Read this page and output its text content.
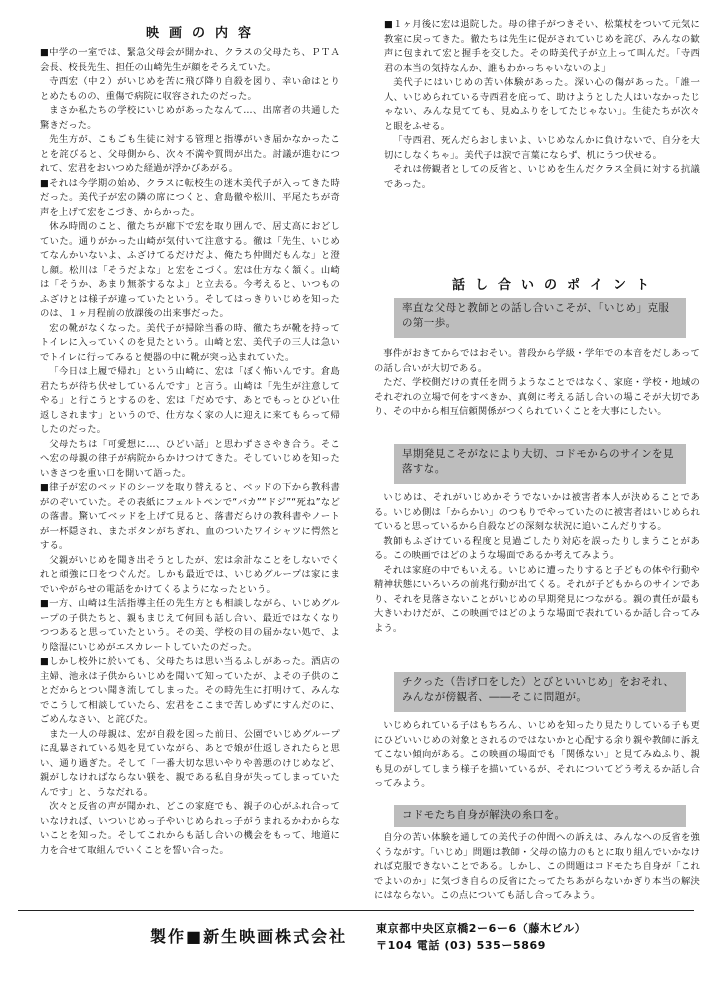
映画の内容

■中学の一室では、緊急父母会が開かれ、クラスの父母たち、ＰＴＡ会長、校長先生、担任の山崎先生が顔をそろえていた。

寺西宏（中２）がいじめを苦に飛び降り自殺を図り、幸い命はとりとめたものの、重傷で病院に収容されたのだった。

まさか私たちの学校にいじめがあったなんて…、出席者の共通した驚きだった。

先生方が、こもごも生徒に対する管理と指導がいき届かなかったことを詫びると、父母側から、次々不満や質問が出た。討議が進むにつれて、宏君をおいつめた経過が浮かびあがる。

■それは今学期の始め、クラスに転校生の迷木美代子が入ってきた時だった。美代子が宏の隣の席につくと、倉島徹や松川、平尾たちが奇声を上げて宏をこづき、からかった。

休み時間のこと、徹たちが廊下で宏を取り囲んで、居丈高におどしていた。通りがかった山崎が気付いて注意する。徹は「先生、いじめてなんかいないよ、ふざけてるだけだよ、俺たち仲間だもんな」と澄し顔。松川は「そうだよな」と宏をこづく。宏は仕方なく頷く。山崎は「そうか、あまり無茶するなよ」と立去る。今考えると、いつものふざけとは様子が違っていたという。そしてはっきりいじめを知ったのは、１ヶ月程前の放課後の出来事だった。

宏の靴がなくなった。美代子が掃除当番の時、徹たちが靴を持ってトイレに入っていくのを見たという。山崎と宏、美代子の三人は急いでトイレに行ってみると便器の中に靴が突っ込まれていた。

「今日は上履で帰れ」という山崎に、宏は「ぼく怖いんです。倉島君たちが待ち伏せしているんです」と言う。山崎は「先生が注意してやる」と行こうとするのを、宏は「だめです、あとでもっとひどい仕返しされます」というので、仕方なく家の人に迎えに来てもらって帰したのだった。

父母たちは「可愛想に…、ひどい話」と思わずささやき合う。そこへ宏の母親の律子が病院からかけつけてきた。そしていじめを知ったいきさつを重い口を開いて語った。

■律子が宏のベッドのシーツを取り替えると、ベッドの下から教科書がのぞいていた。その表紙にフェルトペンで“バカ”“ドジ”“死ね”などの落書。驚いてベッドを上げて見ると、落書だらけの教科書やノートが一杯隠され、またボタンがちぎれ、血のついたワイシャツに愕然とする。

父親がいじめを聞き出そうとしたが、宏は余計なことをしないでくれと頑強に口をつぐんだ。しかも最近では、いじめグループは家にまでいやがらせの電話をかけてくるようになったという。

■一方、山崎は生活指導主任の先生方とも相談しながら、いじめグループの子供たちと、親もまじえて何回も話し合い、最近ではなくなりつつあると思っていたという。その美、学校の目の届かない処で、より陰湿にいじめがエスカレートしていたのだった。

■しかし校外に於いても、父母たちは思い当るふしがあった。酒店の主婦、池永は子供からいじめを聞いて知っていたが、よその子供のことだからとつい聞き流してしまった。その時先生に打明けて、みんなでこうして相談していたら、宏君をここまで苦しめずにすんだのに、ごめんなさい、と詫びた。

また一人の母親は、宏が自殺を図った前日、公園でいじめグループに乱暴されている処を見ていながら、あとで娘が仕返しされたらと思い、通り過ぎた。そして「一番大切な思いやりや善悪のけじめなど、親がしなければならない躾を、親である私自身が失ってしまっていたんです」と、うなだれる。

次々と反省の声が聞かれ、どこの家庭でも、親子の心がふれ合っていなければ、いついじめっ子やいじめられっ子がうまれるかわからないことを知った。そしてこれからも話し合いの機会をもって、地道に力を合せて取組んでいくことを誓い合った。

■１ヶ月後に宏は退院した。母の律子がつきそい、松葉杖をついて元気に教室に戻ってきた。徹たちは先生に促がされていじめを詫び、みんなの歓声に包まれて宏と握手を交した。その時美代子が立上って叫んだ。「寺西君の本当の気持なんか、誰もわかっちゃいないのよ」

美代子にはいじめの苦い体験があった。深い心の傷があった。「誰一人、いじめられている寺西君を庇って、助けようとした人はいなかったじゃない、みんな見てても、見ぬふりをしてたじゃない」。生徒たちが次々と眼をふせる。

「寺西君、死んだらおしまいよ、いじめなんかに負けないで、自分を大切にしなくちゃ」。美代子は涙で言葉にならず、机にうつ伏せる。

それは傍観者としての反省と、いじめを生んだクラス全員に対する抗議であった。

話し合いのポイント
率直な父母と教師との話し合いこそが、「いじめ」克服の第一歩。

事件がおきてからではおそい。普段から学級・学年での本音をだしあっての話し合いが大切である。

ただ、学校側だけの責任を問うようなことではなく、家庭・学校・地域のそれぞれの立場で何をすべきか、真剣に考える話し合いの場こそが大切であり、その中から相互信頼関係がつくられていくことを大事にしたい。

早期発見こそがなにより大切、コドモからのサインを見落すな。

いじめは、それがいじめかそうでないかは被害者本人が決めることである。いじめ側は「からかい」のつもりでやっていたのに被害者はいじめられていると思っているから自殺などの深刻な状況に追いこんだりする。

教師もふざけている程度と見過ごしたり対応を誤ったりしまうことがある。この映画ではどのような場面であるか考えてみよう。

それは家庭の中でもいえる。いじめに遭ったりすると子どもの体や行動や精神状態にいろいろの前兆行動が出てくる。それが子どもからのサインであり、それを見落さないことがいじめの早期発見につながる。親の責任が最も大きいわけだが、この映画ではどのような場面で表れているか話し合ってみよう。

チクった（告げ口をした）とびといいじめ」をおそれ、みんなが傍観者、――そこに問題が。

いじめられている子はもちろん、いじめを知ったり見たりしている子も更にひどいいじめの対象とされるのではないかと心配する余り親や教師に訴えてこない傾向がある。この映画の場面でも「関係ない」と見てみぬふり、親も見のがしてしまう様子を描いているが、それについてどう考えるか話し合ってみよう。

コドモたち自身が解決の糸口を。

自分の苦い体験を通しての美代子の仲間への訴えは、みんなへの反省を強くうながす。「いじめ」問題は教師・父母の協力のもとに取り組んでいかなければ克服できないことである。しかし、この問題はコドモたち自身が「これでよいのか」に気づき自らの反省にたってたちあがらないかぎり本当の解決にはならない。この点についても話し合ってみよう。

製作■新生映画株式会社	東京都中央区京橋2ー6ー6（藤木ビル）
〒104 電話 (03) 535ー5869
